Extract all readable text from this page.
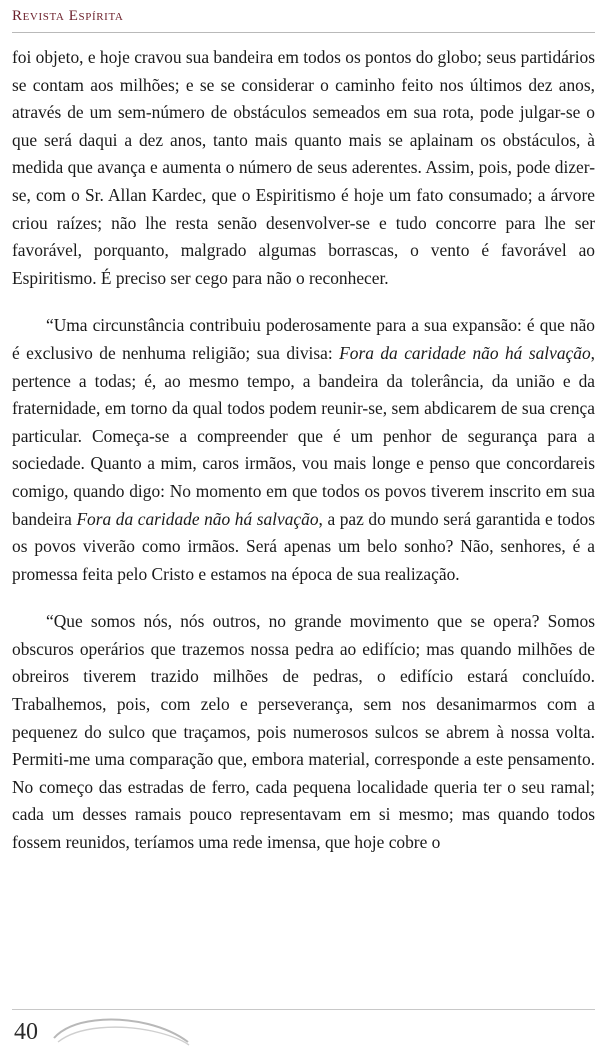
Revista Espírita

foi objeto, e hoje cravou sua bandeira em todos os pontos do globo; seus partidários se contam aos milhões; e se se considerar o caminho feito nos últimos dez anos, através de um sem-número de obstáculos semeados em sua rota, pode julgar-se o que será daqui a dez anos, tanto mais quanto mais se aplainam os obstáculos, à medida que avança e aumenta o número de seus aderentes. Assim, pois, pode dizer-se, com o Sr. Allan Kardec, que o Espiritismo é hoje um fato consumado; a árvore criou raízes; não lhe resta senão desenvolver-se e tudo concorre para lhe ser favorável, porquanto, malgrado algumas borrascas, o vento é favorável ao Espiritismo. É preciso ser cego para não o reconhecer.

“Uma circunstância contribuiu poderosamente para a sua expansão: é que não é exclusivo de nenhuma religião; sua divisa: Fora da caridade não há salvação, pertence a todas; é, ao mesmo tempo, a bandeira da tolerância, da união e da fraternidade, em torno da qual todos podem reunir-se, sem abdicarem de sua crença particular. Começa-se a compreender que é um penhor de segurança para a sociedade. Quanto a mim, caros irmãos, vou mais longe e penso que concordareis comigo, quando digo: No momento em que todos os povos tiverem inscrito em sua bandeira Fora da caridade não há salvação, a paz do mundo será garantida e todos os povos viverão como irmãos. Será apenas um belo sonho? Não, senhores, é a promessa feita pelo Cristo e estamos na época de sua realização.

“Que somos nós, nós outros, no grande movimento que se opera? Somos obscuros operários que trazemos nossa pedra ao edifício; mas quando milhões de obreiros tiverem trazido milhões de pedras, o edifício estará concluído. Trabalhemos, pois, com zelo e perseverança, sem nos desanimarmos com a pequenez do sulco que traçamos, pois numerosos sulcos se abrem à nossa volta. Permiti-me uma comparação que, embora material, corresponde a este pensamento. No começo das estradas de ferro, cada pequena localidade queria ter o seu ramal; cada um desses ramais pouco representavam em si mesmo; mas quando todos fossem reunidos, teríamos uma rede imensa, que hoje cobre o

40
